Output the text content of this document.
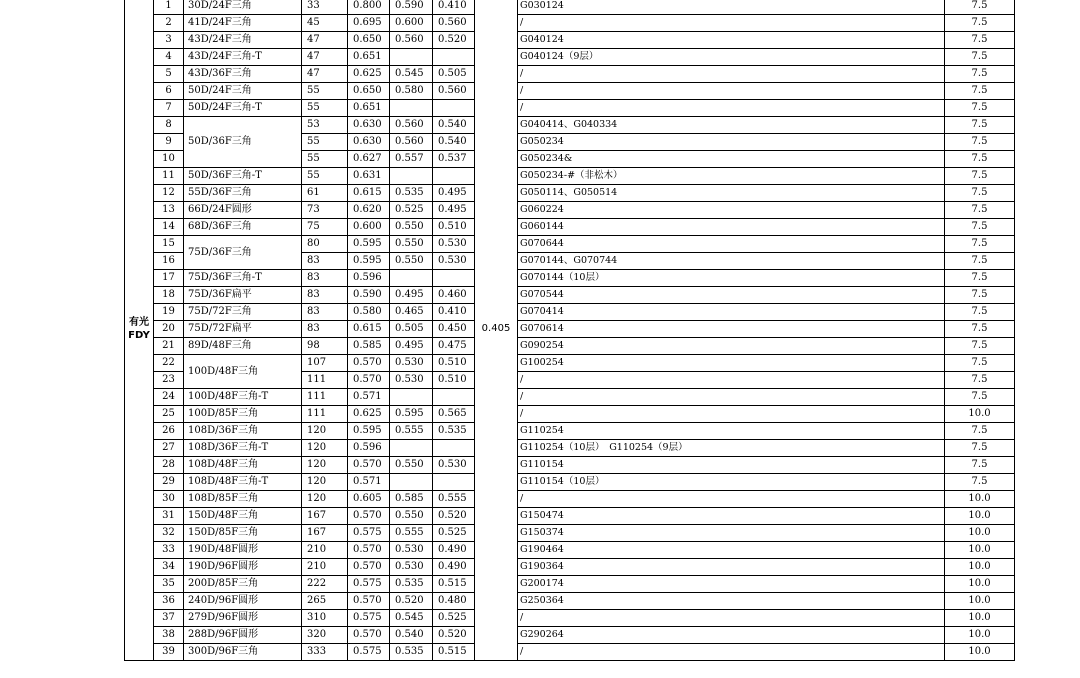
有光
FDY	1	30D/24F三角	33	0.800	0.590	0.410	0.405	G030124	7.5
	2	41D/24F三角	45	0.695	0.600	0.560		/	7.5
	3	43D/24F三角	47	0.650	0.560	0.520		G040124	7.5
	4	43D/24F三角-T	47	0.651				G040124（9层）	7.5
	5	43D/36F三角	47	0.625	0.545	0.505		/	7.5
	6	50D/24F三角	55	0.650	0.580	0.560		/	7.5
	7	50D/24F三角-T	55	0.651				/	7.5
	8	50D/36F三角	53	0.630	0.560	0.540		G040414、G040334	7.5
	9		55	0.630	0.560	0.540		G050234	7.5
	10		55	0.627	0.557	0.537		G050234&	7.5
	11	50D/36F三角-T	55	0.631				G050234-#（非松木）	7.5
	12	55D/36F三角	61	0.615	0.535	0.495		G050114、G050514	7.5
	13	66D/24F圆形	73	0.620	0.525	0.495		G060224	7.5
	14	68D/36F三角	75	0.600	0.550	0.510		G060144	7.5
	15	75D/36F三角	80	0.595	0.550	0.530		G070644	7.5
	16		83	0.595	0.550	0.530		G070144、G070744	7.5
	17	75D/36F三角-T	83	0.596				G070144（10层）	7.5
	18	75D/36F扁平	83	0.590	0.495	0.460		G070544	7.5
	19	75D/72F三角	83	0.580	0.465	0.410		G070414	7.5
	20	75D/72F扁平	83	0.615	0.505	0.450		G070614	7.5
	21	89D/48F三角	98	0.585	0.495	0.475		G090254	7.5
	22	100D/48F三角	107	0.570	0.530	0.510		G100254	7.5
	23		111	0.570	0.530	0.510		/	7.5
	24	100D/48F三角-T	111	0.571				/	7.5
	25	100D/85F三角	111	0.625	0.595	0.565		/	10.0
	26	108D/36F三角	120	0.595	0.555	0.535		G110254	7.5
	27	108D/36F三角-T	120	0.596				G110254（10层）　G110254（9层）	7.5
	28	108D/48F三角	120	0.570	0.550	0.530		G110154	7.5
	29	108D/48F三角-T	120	0.571				G110154（10层）	7.5
	30	108D/85F三角	120	0.605	0.585	0.555		/	10.0
	31	150D/48F三角	167	0.570	0.550	0.520		G150474	10.0
	32	150D/85F三角	167	0.575	0.555	0.525		G150374	10.0
	33	190D/48F圆形	210	0.570	0.530	0.490		G190464	10.0
	34	190D/96F圆形	210	0.570	0.530	0.490		G190364	10.0
	35	200D/85F三角	222	0.575	0.535	0.515		G200174	10.0
	36	240D/96F圆形	265	0.570	0.520	0.480		G250364	10.0
	37	279D/96F圆形	310	0.575	0.545	0.525		/	10.0
	38	288D/96F圆形	320	0.570	0.540	0.520		G290264	10.0
	39	300D/96F三角	333	0.575	0.535	0.515		/	10.0
